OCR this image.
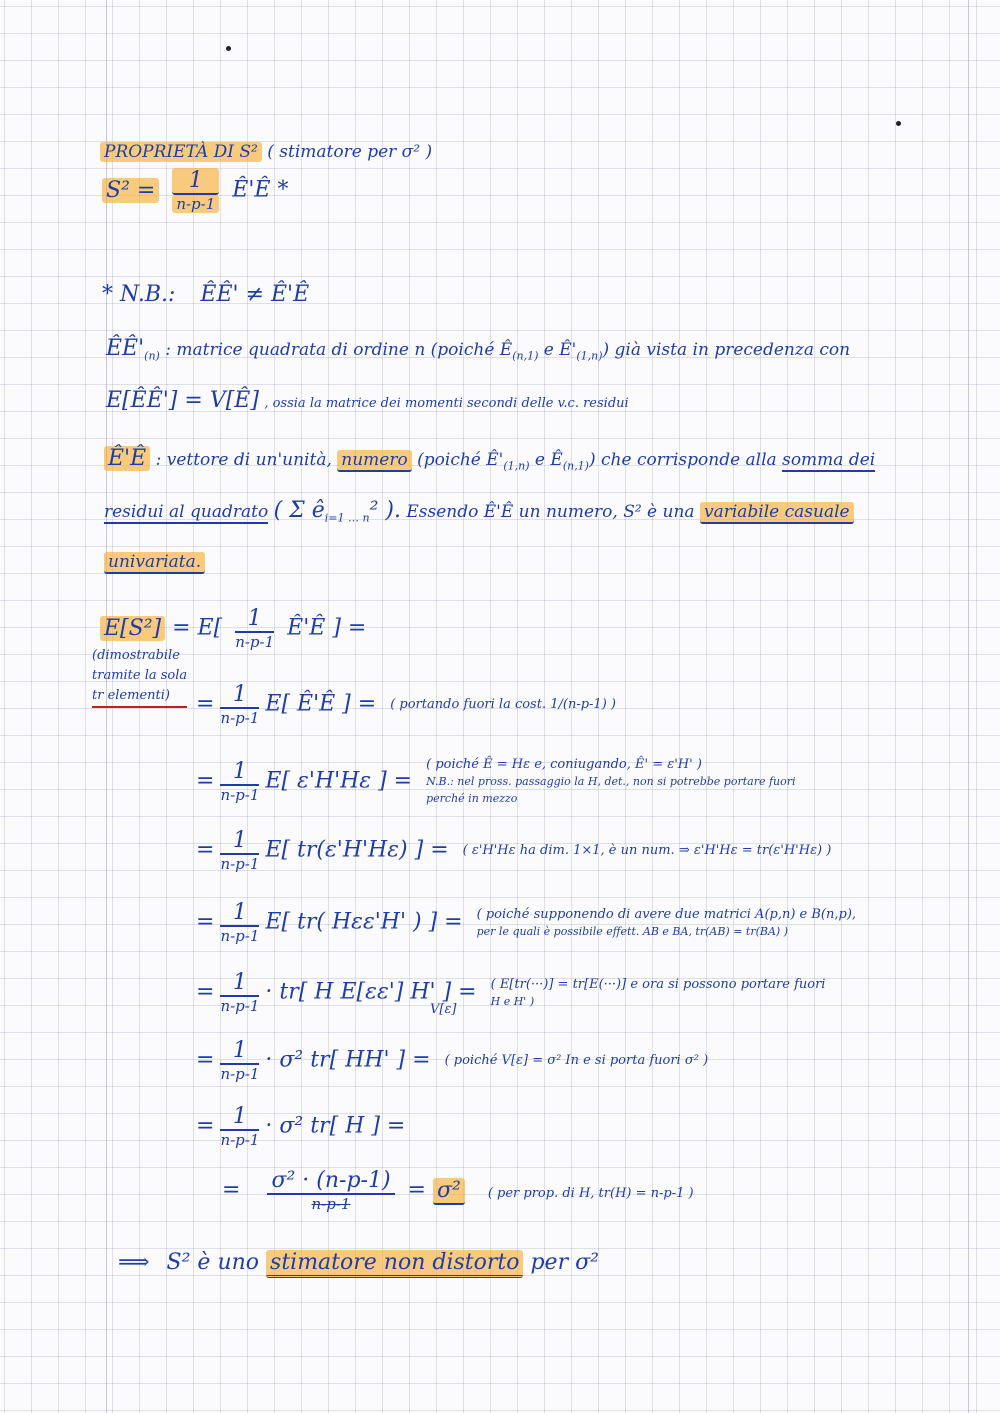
PROPRIETÀ DI S² ( stimatore per σ² )
$S^2 = \frac{1}{n-p-1}$ Ê'Ê *
* N.B.: ÊÊ' ≠ Ê'Ê
$ÊÊ'_{(n)}$ : matrice quadrata di ordine n (poiché $Ê_{(n,1)}$ e $Ê'_{(1,n)}$) già vista in precedenza con
E[ÊÊ'] = V[Ê] , ossia la matrice dei momenti secondi delle v.c. residui
Ê'Ê : vettore di un'unità, numero (poiché $Ê'_{(1,n)}$ e $Ê_{(n,1)}$) che corrisponde alla somma dei
residui al quadrato ( Σ $ê_{i=1 \dots n}^2$ ). Essendo Ê'Ê un numero, S² è una variabile casuale
univariata.
$E[S^2] = E[ \frac{1}{n-p-1}$ Ê'Ê ] =
(dimostrabile
tramite la sola
tr elementi)	= $\frac{1}{n-p-1} E$[ Ê'Ê ] = ( portando fuori la cost. 1/(n-p-1) )
= $\frac{1}{n-p-1} E$[ ε'H'Hε ] =
( poiché Ê = Hε e, coniugando, Ê' = ε'H' )
N.B.: nel pross. passaggio la H, det., non si potrebbe portare fuori perché in mezzo
= $\frac{1}{n-p-1} E$[ tr(ε'H'Hε) ] = ( ε'H'Hε ha dim. 1×1, è un num. ⇒ ε'H'Hε = tr(ε'H'Hε) )
= $\frac{1}{n-p-1} E$[ tr( Hεε'H' ) ] = ( poiché supponendo di avere due matrici A(p,n) e B(n,p),
per le quali è possibile effett. AB e BA, tr(AB) = tr(BA) )
= $\frac{1}{n-p-1} \cdot tr$[ H E[εε'] H' ] = ( E[tr(···)] = tr[E(···)] e ora si possono portare fuori
H e H' )
= $\frac{1}{n-p-1} \cdot \sigma^2$ tr[ HH' ] = ( poiché V[ε] = σ² In e si porta fuori σ² )
= $\frac{1}{n-p-1} \cdot \sigma^2$ tr[ H ] =
V[ε]
= $\frac{\text{σ² · (n-p-1)}}{n-p-1} = \sigma^2$ ( per prop. di H, tr(H) = n-p-1 )
⟹ S² è uno stimatore non distorto per σ²
